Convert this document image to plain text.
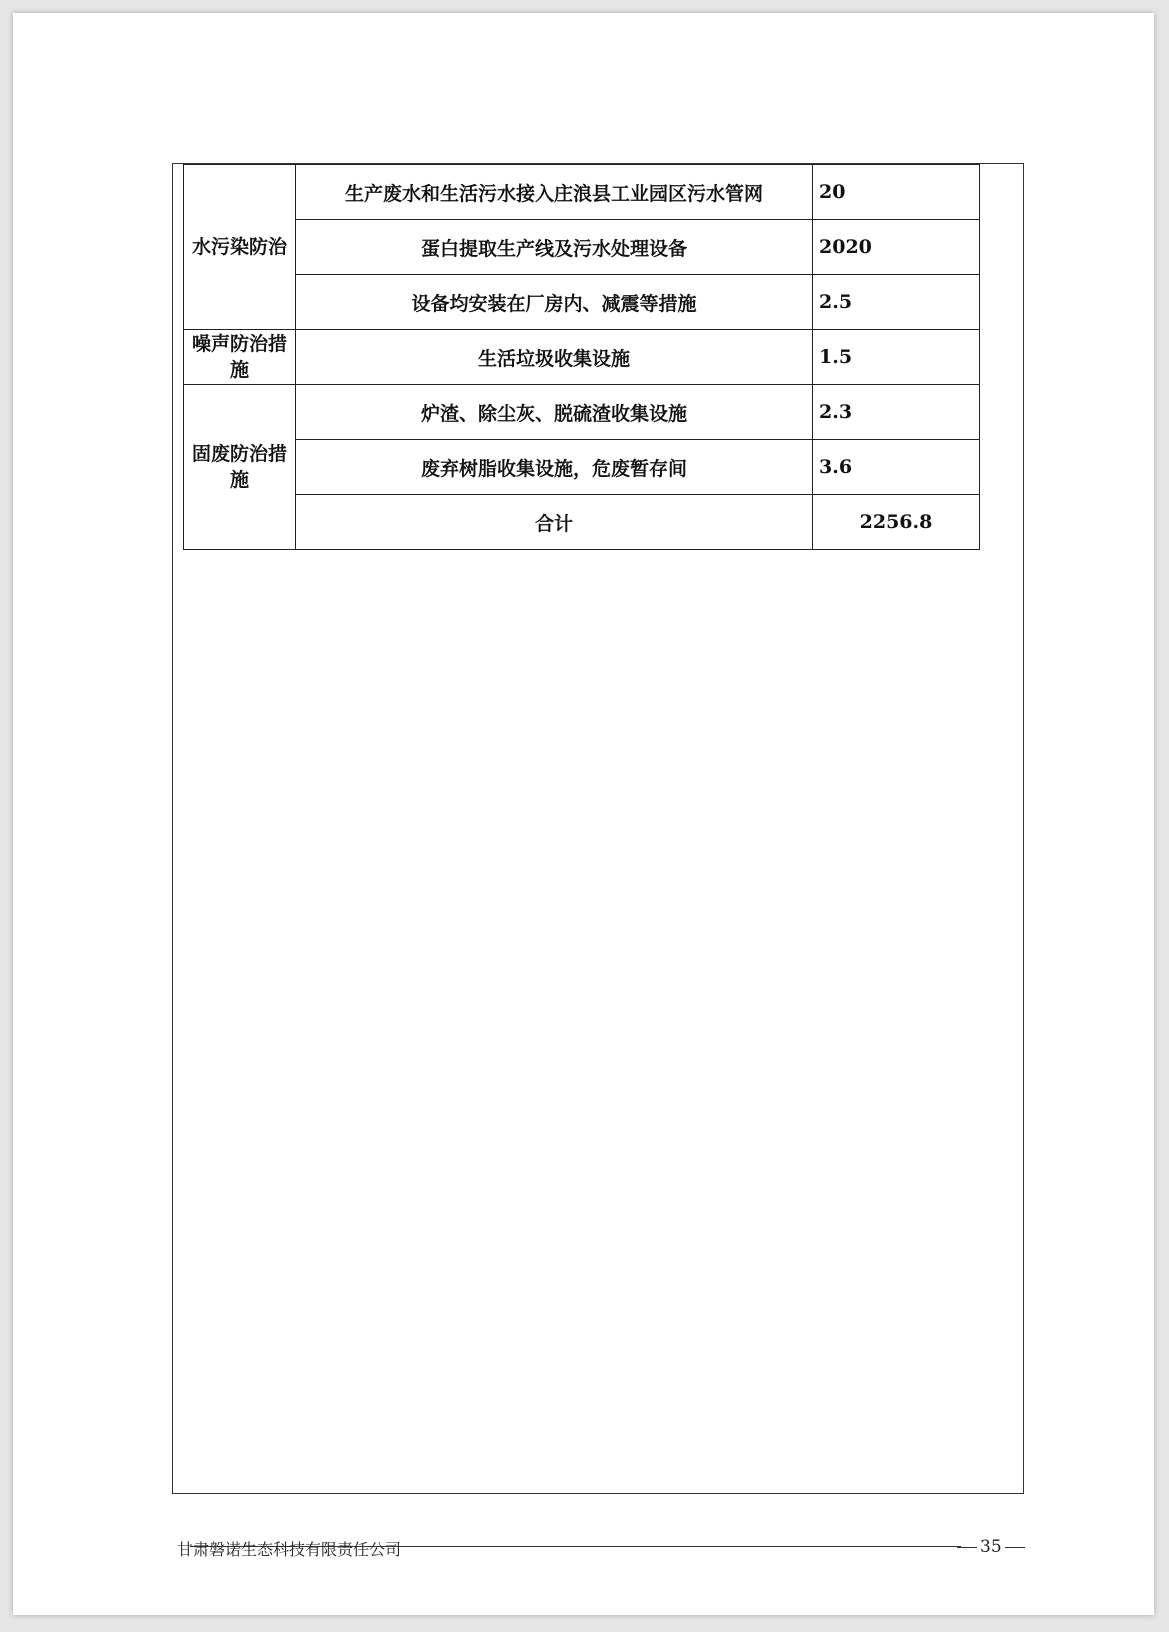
水污染防治	生产废水和生活污水接入庄浪县工业园区污水管网	20
	蛋白提取生产线及污水处理设备	2020
	设备均安装在厂房内、减震等措施	2.5
噪声防治措施	生活垃圾收集设施	1.5
固废防治措施	炉渣、除尘灰、脱硫渣收集设施	2.3
	废弃树脂收集设施，危废暂存间	3.6
	合计	2256.8
甘肃磐诺生态科技有限责任公司	35
